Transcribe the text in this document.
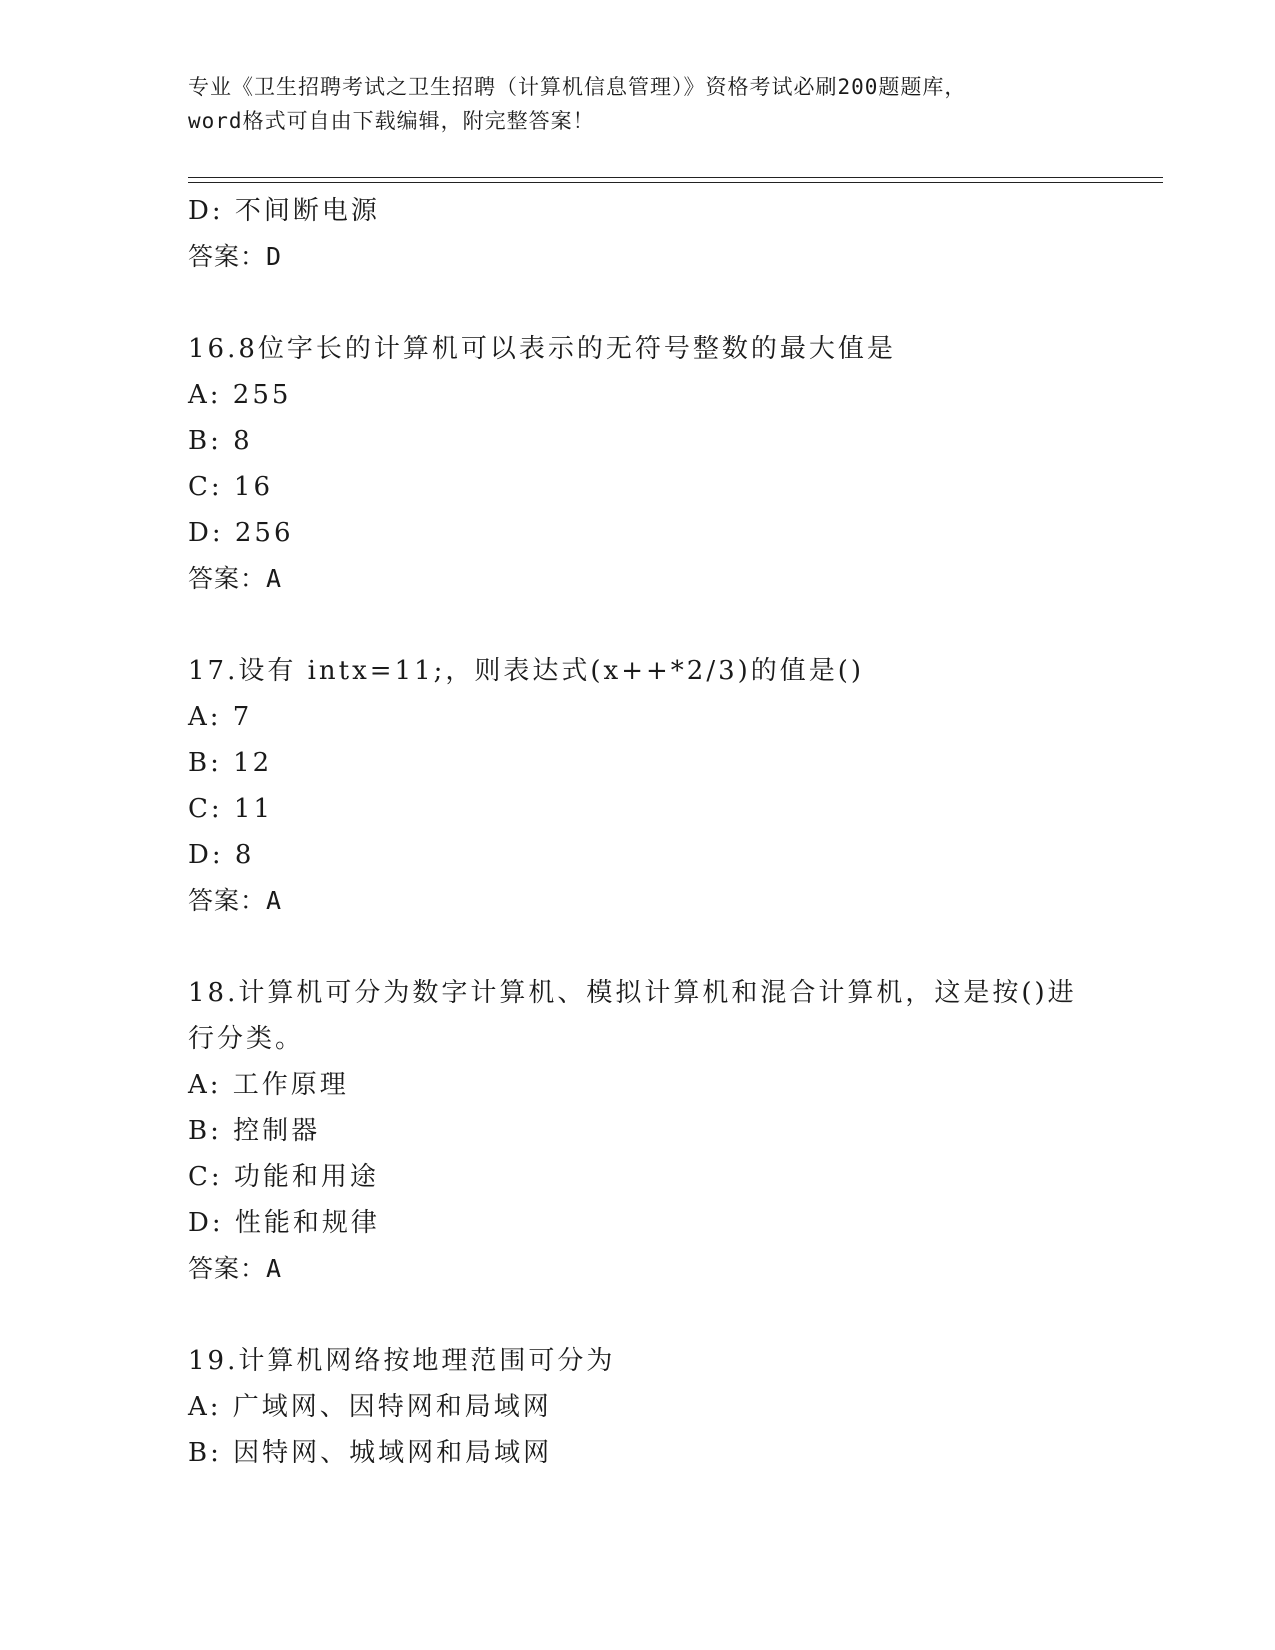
专业《卫生招聘考试之卫生招聘（计算机信息管理）》资格考试必刷200题题库，
word格式可自由下载编辑，附完整答案！
D: 不间断电源
答案：D
16.8位字长的计算机可以表示的无符号整数的最大值是
A: 255
B: 8
C: 16
D: 256
答案：A
17.设有 intx=11;，则表达式(x++*2/3)的值是()
A: 7
B: 12
C: 11
D: 8
答案：A
18.计算机可分为数字计算机、模拟计算机和混合计算机，这是按()进
行分类。
A: 工作原理
B: 控制器
C: 功能和用途
D: 性能和规律
答案：A
19.计算机网络按地理范围可分为
A: 广域网、因特网和局域网
B: 因特网、城域网和局域网
